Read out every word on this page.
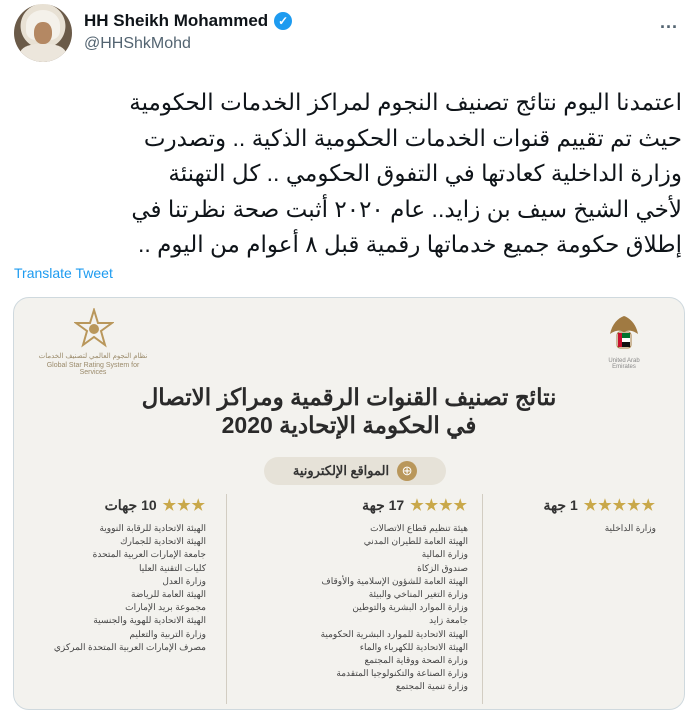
HH Sheikh Mohammed ✓
@HHShkMohd
...
اعتمدنا اليوم نتائج تصنيف النجوم لمراكز الخدمات الحكومية
حيث تم تقييم قنوات الخدمات الحكومية الذكية .. وتصدرت
وزارة الداخلية كعادتها في التفوق الحكومي .. كل التهنئة
لأخي الشيخ سيف بن زايد.. عام ٢٠٢٠ أثبت صحة نظرتنا في
إطلاق حكومة جميع خدماتها رقمية قبل ٨ أعوام من اليوم ..
Translate Tweet
نظام النجوم العالمي لتصنيف الخدمات
Global Star Rating System for Services
United Arab Emirates
نتائج تصنيف القنوات الرقمية ومراكز الاتصال
في الحكومة الإتحادية 2020
⊕
المواقع الإلكترونية
★★★★★
1 جهة
وزارة الداخلية
★★★★
17 جهة
هيئة تنظيم قطاع الاتصالات
الهيئة العامة للطيران المدني
وزارة المالية
صندوق الزكاة
الهيئة العامة للشؤون الإسلامية والأوقاف
وزارة التغير المناخي والبيئة
وزارة الموارد البشرية والتوطين
جامعة زايد
الهيئة الاتحادية للموارد البشرية الحكومية
الهيئة الاتحادية للكهرباء والماء
وزارة الصحة ووقاية المجتمع
وزارة الصناعة والتكنولوجيا المتقدمة
وزارة تنمية المجتمع
★★★
10 جهات
الهيئة الاتحادية للرقابة النووية
الهيئة الاتحادية للجمارك
جامعة الإمارات العربية المتحدة
كليات التقنية العليا
وزارة العدل
الهيئة العامة للرياضة
مجموعة بريد الإمارات
الهيئة الاتحادية للهوية والجنسية
وزارة التربية والتعليم
مصرف الإمارات العربية المتحدة المركزي
